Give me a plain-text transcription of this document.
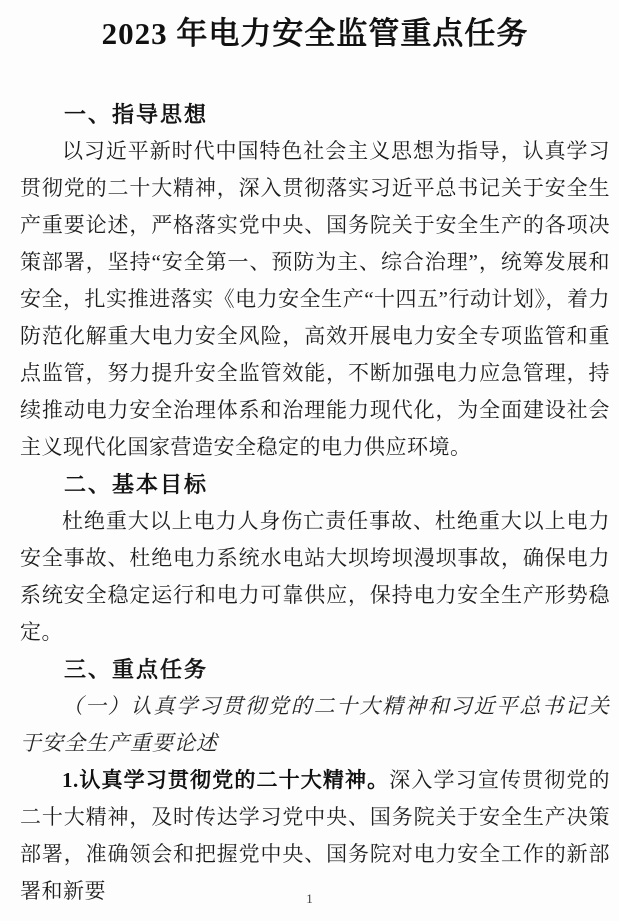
2023 年电力安全监管重点任务
一、指导思想

以习近平新时代中国特色社会主义思想为指导，认真学习贯彻党的二十大精神，深入贯彻落实习近平总书记关于安全生产重要论述，严格落实党中央、国务院关于安全生产的各项决策部署，坚持“安全第一、预防为主、综合治理”，统筹发展和安全，扎实推进落实《电力安全生产“十四五”行动计划》，着力防范化解重大电力安全风险，高效开展电力安全专项监管和重点监管，努力提升安全监管效能，不断加强电力应急管理，持续推动电力安全治理体系和治理能力现代化，为全面建设社会主义现代化国家营造安全稳定的电力供应环境。

二、基本目标

杜绝重大以上电力人身伤亡责任事故、杜绝重大以上电力安全事故、杜绝电力系统水电站大坝垮坝漫坝事故，确保电力系统安全稳定运行和电力可靠供应，保持电力安全生产形势稳定。

三、重点任务

（一）认真学习贯彻党的二十大精神和习近平总书记关于安全生产重要论述

1.认真学习贯彻党的二十大精神。深入学习宣传贯彻党的二十大精神，及时传达学习党中央、国务院关于安全生产决策部署，准确领会和把握党中央、国务院对电力安全工作的新部署和新要	1
